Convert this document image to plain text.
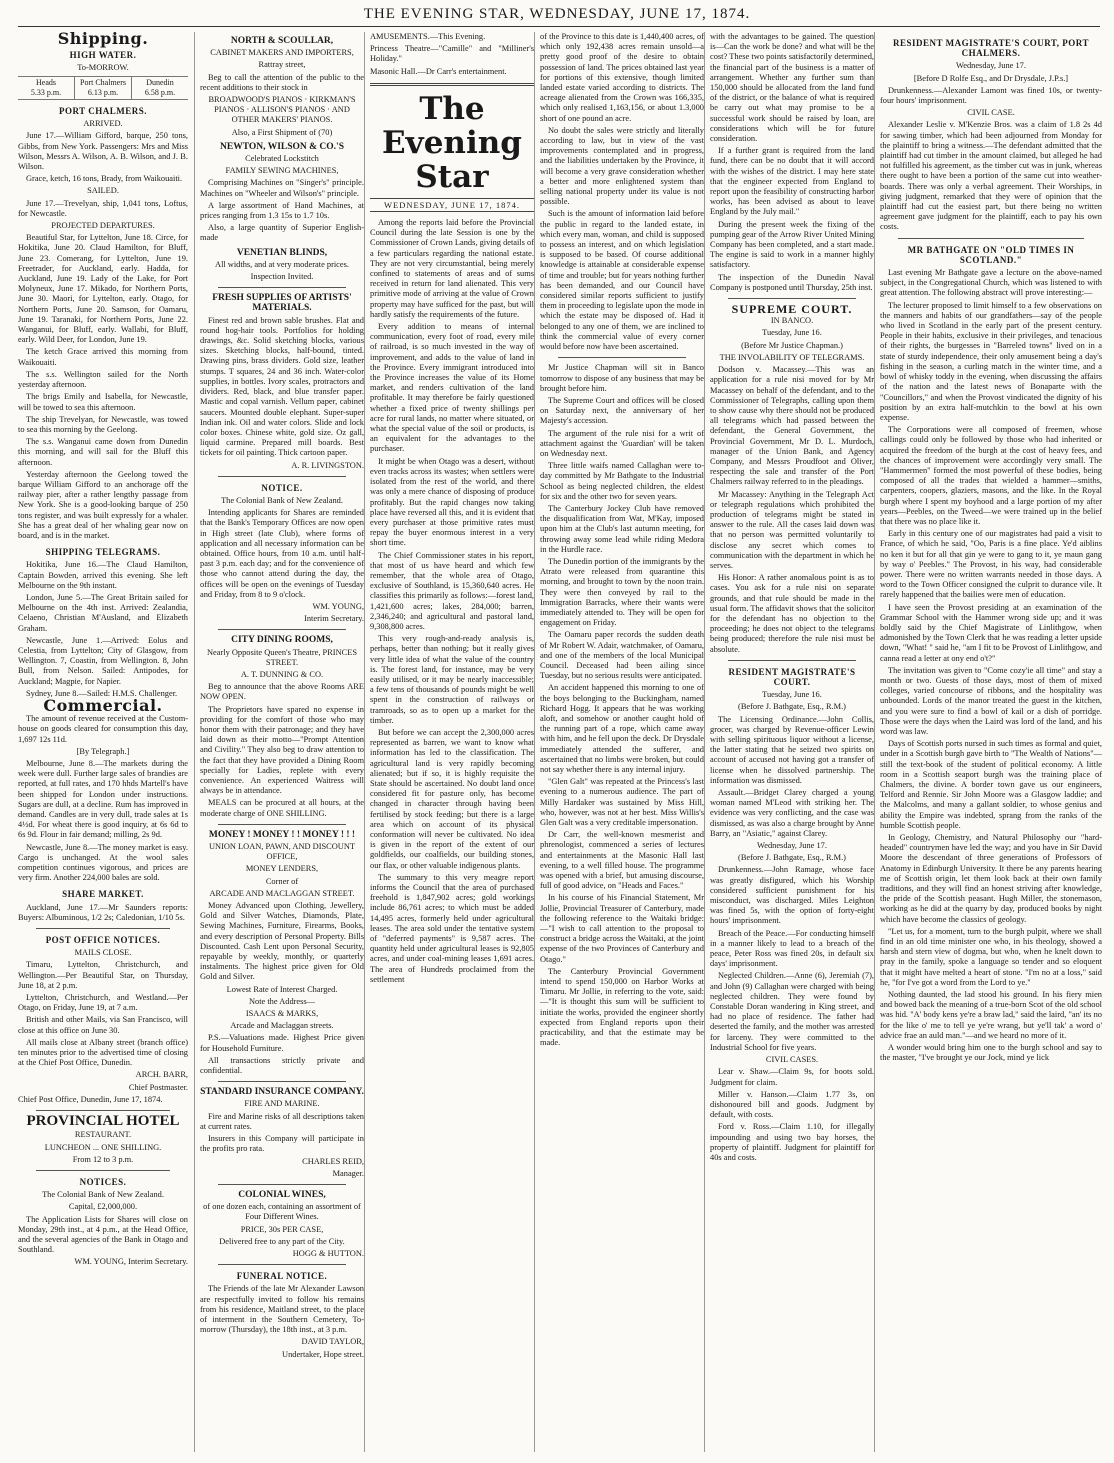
THE EVENING STAR, WEDNESDAY, JUNE 17, 1874.
Shipping.
HIGH WATER.

To-MORROW.

Heads
5.33 p.m.
Port Chalmers
6.13 p.m.
Dunedin
6.58 p.m.
PORT CHALMERS.

ARRIVED.

June 17.—William Gifford, barque, 250 tons, Gibbs, from New York. Passengers: Mrs and Miss Wilson, Messrs A. Wilson, A. B. Wilson, and J. B. Wilson.

Grace, ketch, 16 tons, Brady, from Waikouaiti.

SAILED.

June 17.—Trevelyan, ship, 1,041 tons, Loftus, for Newcastle.

PROJECTED DEPARTURES.

Beautiful Star, for Lyttelton, June 18. Circe, for Hokitika, June 20. Claud Hamilton, for Bluff, June 23. Comerang, for Lyttelton, June 19. Freetrader, for Auckland, early. Hadda, for Auckland, June 19. Lady of the Lake, for Port Molyneux, June 17. Mikado, for Northern Ports, June 30. Maori, for Lyttelton, early. Otago, for Northern Ports, June 20. Samson, for Oamaru, June 19. Taranaki, for Northern Ports, June 22. Wanganui, for Bluff, early. Wallabi, for Bluff, early. Wild Deer, for London, June 19.

The ketch Grace arrived this morning from Waikouaiti.

The s.s. Wellington sailed for the North yesterday afternoon.

The brigs Emily and Isabella, for Newcastle, will be towed to sea this afternoon.

The ship Trevelyan, for Newcastle, was towed to sea this morning by the Geelong.

The s.s. Wanganui came down from Dunedin this morning, and will sail for the Bluff this afternoon.

Yesterday afternoon the Geelong towed the barque William Gifford to an anchorage off the railway pier, after a rather lengthy passage from New York. She is a good-looking barque of 250 tons register, and was built expressly for a whaler. She has a great deal of her whaling gear now on board, and is in the market.

SHIPPING TELEGRAMS.

Hokitika, June 16.—The Claud Hamilton, Captain Bowden, arrived this evening. She left Melbourne on the 9th instant.

London, June 5.—The Great Britain sailed for Melbourne on the 4th inst. Arrived: Zealandia, Celaeno, Christian M'Ausland, and Elizabeth Graham.

Newcastle, June 1.—Arrived: Eolus and Celestia, from Lyttelton; City of Glasgow, from Wellington. 7, Coastin, from Wellington. 8, John Bull, from Nelson. Sailed: Antipodes, for Auckland; Magpie, for Napier.

Sydney, June 8.—Sailed: H.M.S. Challenger.

Commercial.

The amount of revenue received at the Custom-house on goods cleared for consumption this day, 1,697 12s 11d.

[By Telegraph.]

Melbourne, June 8.—The markets during the week were dull. Further large sales of brandies are reported, at full rates, and 170 hhds Martell's have been shipped for London under instructions. Sugars are dull, at a decline. Rum has improved in demand. Candles are in very dull, trade sales at 1s 4½d. For wheat there is good inquiry, at 6s 6d to 6s 9d. Flour in fair demand; milling, 2s 9d.

Newcastle, June 8.—The money market is easy. Cargo is unchanged. At the wool sales competition continues vigorous, and prices are very firm. Another 224,000 bales are sold.

SHARE MARKET.

Auckland, June 17.—Mr Saunders reports: Buyers: Albuminous, 1/2 2s; Caledonian, 1/10 5s.

POST OFFICE NOTICES.

MAILS CLOSE.

Timaru, Lyttelton, Christchurch, and Wellington.—Per Beautiful Star, on Thursday, June 18, at 2 p.m.

Lyttelton, Christchurch, and Westland.—Per Otago, on Friday, June 19, at 7 a.m.

British and other Mails, via San Francisco, will close at this office on June 30.

All mails close at Albany street (branch office) ten minutes prior to the advertised time of closing at the Chief Post Office, Dunedin.

ARCH. BARR,

Chief Postmaster.

Chief Post Office, Dunedin, June 17, 1874.

PROVINCIAL HOTEL

RESTAURANT.

LUNCHEON ... ONE SHILLING.

From 12 to 3 p.m.

NOTICES.

The Colonial Bank of New Zealand.

Capital, £2,000,000.

The Application Lists for Shares will close on Monday, 29th inst., at 4 p.m., at the Head Office, and the several agencies of the Bank in Otago and Southland.

WM. YOUNG, Interim Secretary.

NORTH & SCOULLAR,

CABINET MAKERS AND IMPORTERS,

Rattray street,

Beg to call the attention of the public to the recent additions to their stock in

BROADWOOD'S PIANOS · KIRKMAN'S PIANOS · ALLISON'S PIANOS · AND OTHER MAKERS' PIANOS.

Also, a First Shipment of (70)

NEWTON, WILSON & CO.'S

Celebrated Lockstitch

FAMILY SEWING MACHINES,

Comprising Machines on "Singer's" principle. Machines on "Wheeler and Wilson's" principle.

A large assortment of Hand Machines, at prices ranging from 1.3 15s to 1.7 10s.

Also, a large quantity of Superior English-made

VENETIAN BLINDS,

All widths, and at very moderate prices.

Inspection Invited.

FRESH SUPPLIES OF ARTISTS' MATERIALS.

Finest red and brown sable brushes. Flat and round hog-hair tools. Portfolios for holding drawings, &c. Solid sketching blocks, various sizes. Sketching blocks, half-bound, tinted. Drawing pins, brass dividers. Gold size, leather stumps. T squares, 24 and 36 inch. Water-color supplies, in bottles. Ivory scales, protractors and dividers. Red, black, and blue transfer paper. Mastic and copal varnish. Vellum paper, cabinet saucers. Mounted double elephant. Super-super Indian ink. Oil and water colors. Slide and lock color boxes. Chinese white, gold size. Oz gall, liquid carmine. Prepared mill boards. Best tickets for oil painting. Thick cartoon paper.

A. R. LIVINGSTON.

NOTICE.

The Colonial Bank of New Zealand.

Intending applicants for Shares are reminded that the Bank's Temporary Offices are now open in High street (late Club), where forms of application and all necessary information can be obtained. Office hours, from 10 a.m. until half-past 3 p.m. each day; and for the convenience of those who cannot attend during the day, the offices will be open on the evenings of Tuesday and Friday, from 8 to 9 o'clock.

WM. YOUNG,

Interim Secretary.

CITY DINING ROOMS,

Nearly Opposite Queen's Theatre, PRINCES STREET.

A. T. DUNNING & CO.

Beg to announce that the above Rooms ARE NOW OPEN.

The Proprietors have spared no expense in providing for the comfort of those who may honor them with their patronage; and they have laid down as their motto—"Prompt Attention and Civility." They also beg to draw attention to the fact that they have provided a Dining Room specially for Ladies, replete with every convenience. An experienced Waitress will always be in attendance.

MEALS can be procured at all hours, at the moderate charge of ONE SHILLING.

MONEY ! MONEY ! ! MONEY ! ! !

UNION LOAN, PAWN, AND DISCOUNT OFFICE,

MONEY LENDERS,

Corner of

ARCADE AND MACLAGGAN STREET.

Money Advanced upon Clothing, Jewellery, Gold and Silver Watches, Diamonds, Plate, Sewing Machines, Furniture, Firearms, Books, and every description of Personal Property. Bills Discounted. Cash Lent upon Personal Security, repayable by weekly, monthly, or quarterly instalments. The highest price given for Old Gold and Silver.

Lowest Rate of Interest Charged.

Note the Address—

ISAACS & MARKS,

Arcade and Maclaggan streets.

P.S.—Valuations made. Highest Price given for Household Furniture.

All transactions strictly private and confidential.

STANDARD INSURANCE COMPANY.

FIRE AND MARINE.

Fire and Marine risks of all descriptions taken at current rates.

Insurers in this Company will participate in the profits pro rata.

CHARLES REID,

Manager.

COLONIAL WINES,

of one dozen each, containing an assortment of Four Different Wines.

PRICE, 30s PER CASE,

Delivered free to any part of the City.

HOGG & HUTTON.

FUNERAL NOTICE.

The Friends of the late Mr Alexander Lawson are respectfully invited to follow his remains from his residence, Maitland street, to the place of interment in the Southern Cemetery, To-morrow (Thursday), the 18th inst., at 3 p.m.

DAVID TAYLOR,

Undertaker, Hope street.

AMUSEMENTS.—This Evening.

Princess Theatre—"Camille" and "Milliner's Holiday."

Masonic Hall.—Dr Carr's entertainment.

The Evening Star
WEDNESDAY, JUNE 17, 1874.

Among the reports laid before the Provincial Council during the late Session is one by the Commissioner of Crown Lands, giving details of a few particulars regarding the national estate. They are not very circumstantial, being merely confined to statements of areas and of sums received in return for land alienated. This very primitive mode of arriving at the value of Crown property may have sufficed for the past, but will hardly satisfy the requirements of the future.

Every addition to means of internal communication, every foot of road, every mile of railroad, is so much invested in the way of improvement, and adds to the value of land in the Province. Every immigrant introduced into the Province increases the value of its Home market, and renders cultivation of the land profitable. It may therefore be fairly questioned whether a fixed price of twenty shillings per acre for rural lands, no matter where situated, or what the special value of the soil or products, is an equivalent for the advantages to the purchaser.

It might be when Otago was a desert, without even tracks across its wastes; when settlers were isolated from the rest of the world, and there was only a mere chance of disposing of produce profitably. But the rapid changes now taking place have reversed all this, and it is evident that every purchaser at those primitive rates must repay the buyer enormous interest in a very short time.

The Chief Commissioner states in his report, that most of us have heard and which few remember, that the whole area of Otago, exclusive of Southland, is 15,360,640 acres. He classifies this primarily as follows:—forest land, 1,421,600 acres; lakes, 284,000; barren, 2,346,240; and agricultural and pastoral land, 9,308,800 acres.

This very rough-and-ready analysis is, perhaps, better than nothing; but it really gives very little idea of what the value of the country is. The forest land, for instance, may be very easily utilised, or it may be nearly inaccessible; a few tens of thousands of pounds might be well spent in the construction of railways or tramroads, so as to open up a market for the timber.

But before we can accept the 2,300,000 acres represented as barren, we want to know what information has led to the classification. The agricultural land is very rapidly becoming alienated; but if so, it is highly requisite the State should be ascertained. No doubt land once considered fit for pasture only, has become changed in character through having been fertilised by stock feeding; but there is a large area which on account of its physical conformation will never be cultivated. No idea is given in the report of the extent of our goldfields, our coalfields, our building stones, our flax, or other valuable indigenous plants.

The summary to this very meagre report informs the Council that the area of purchased freehold is 1,847,902 acres; gold workings include 86,761 acres; to which must be added 14,495 acres, formerly held under agricultural leases. The area sold under the tentative system of "deferred payments" is 9,587 acres. The quantity held under agricultural leases is 92,805 acres, and under coal-mining leases 1,691 acres. The area of Hundreds proclaimed from the settlement

of the Province to this date is 1,440,400 acres, of which only 192,438 acres remain unsold—a pretty good proof of the desire to obtain possession of land. The prices obtained last year for portions of this extensive, though limited landed estate varied according to districts. The acreage alienated from the Crown was 166,335, which only realised 1,163,156, or about 1.3,000 short of one pound an acre.

No doubt the sales were strictly and literally according to law, but in view of the vast improvements contemplated and in progress, and the liabilities undertaken by the Province, it will become a very grave consideration whether a better and more enlightened system than selling national property under its value is not possible.

Such is the amount of information laid before the public in regard to the landed estate, in which every man, woman, and child is supposed to possess an interest, and on which legislation is supposed to be based. Of course additional knowledge is attainable at considerable expense of time and trouble; but for years nothing further has been demanded, and our Council have considered similar reports sufficient to justify them in proceeding to legislate upon the mode in which the estate may be disposed of. Had it belonged to any one of them, we are inclined to think the commercial value of every corner would before now have been ascertained.

Mr Justice Chapman will sit in Banco tomorrow to dispose of any business that may be brought before him.

The Supreme Court and offices will be closed on Saturday next, the anniversary of her Majesty's accession.

The argument of the rule nisi for a writ of attachment against the 'Guardian' will be taken on Wednesday next.

Three little waifs named Callaghan were to-day committed by Mr Bathgate to the Industrial School as being neglected children, the eldest for six and the other two for seven years.

The Canterbury Jockey Club have removed the disqualification from Wat, M'Kay, imposed upon him at the Club's last autumn meeting, for throwing away some lead while riding Medora in the Hurdle race.

The Dunedin portion of the immigrants by the Atrato were released from quarantine this morning, and brought to town by the noon train. They were then conveyed by rail to the Immigration Barracks, where their wants were immediately attended to. They will be open for engagement on Friday.

The Oamaru paper records the sudden death of Mr Robert W. Adair, watchmaker, of Oamaru, and one of the members of the local Municipal Council. Deceased had been ailing since Tuesday, but no serious results were anticipated.

An accident happened this morning to one of the boys belonging to the Buckingham, named Richard Hogg. It appears that he was working aloft, and somehow or another caught hold of the running part of a rope, which came away with him, and he fell upon the deck. Dr Drysdale immediately attended the sufferer, and ascertained that no limbs were broken, but could not say whether there is any internal injury.

"Glen Galt" was repeated at the Princess's last evening to a numerous audience. The part of Milly Hardaker was sustained by Miss Hill, who, however, was not at her best. Miss Willis's Glen Galt was a very creditable impersonation.

Dr Carr, the well-known mesmerist and phrenologist, commenced a series of lectures and entertainments at the Masonic Hall last evening, to a well filled house. The programme was opened with a brief, but amusing discourse, full of good advice, on "Heads and Faces."

In his course of his Financial Statement, Mr Jollie, Provincial Treasurer of Canterbury, made the following reference to the Waitaki bridge:—"I wish to call attention to the proposal to construct a bridge across the Waitaki, at the joint expense of the two Provinces of Canterbury and Otago."

The Canterbury Provincial Government intend to spend 150,000 on Harbor Works at Timaru. Mr Jollie, in referring to the vote, said:—"It is thought this sum will be sufficient to initiate the works, provided the engineer shortly expected from England reports upon their practicability, and that the estimate may be made.

with the advantages to be gained. The question is—Can the work be done? and what will be the cost? These two points satisfactorily determined, the financial part of the business is a matter of arrangement. Whether any further sum than 150,000 should be allocated from the land fund of the district, or the balance of what is required be carry out what may promise to be a successful work should be raised by loan, are considerations which will be for future consideration.

If a further grant is required from the land fund, there can be no doubt that it will accord with the wishes of the district. I may here state that the engineer expected from England to report upon the feasibility of constructing harbor works, has been advised as about to leave England by the July mail."

During the present week the fixing of the pumping gear of the Arrow River United Mining Company has been completed, and a start made. The engine is said to work in a manner highly satisfactory.

The inspection of the Dunedin Naval Company is postponed until Thursday, 25th inst.

SUPREME COURT.

IN BANCO.

Tuesday, June 16.

(Before Mr Justice Chapman.)

THE INVOLABILITY OF TELEGRAMS.

Dodson v. Macassey.—This was an application for a rule nisi moved for by Mr Macassey on behalf of the defendant, and to the Commissioner of Telegraphs, calling upon them to show cause why there should not be produced all telegrams which had passed between the defendant, the General Government, the Provincial Government, Mr D. L. Murdoch, manager of the Union Bank, and Agency Company, and Messrs Proudfoot and Oliver, respecting the sale and transfer of the Port Chalmers railway referred to in the pleadings.

Mr Macassey: Anything in the Telegraph Act or telegraph regulations which prohibited the production of telegrams might be stated in answer to the rule. All the cases laid down was that no person was permitted voluntarily to disclose any secret which comes to communication with the department in which he serves.

His Honor: A rather anomalous point is as to cases. You ask for a rule nisi on separate grounds, and that rule should be made in the usual form. The affidavit shows that the solicitor for the defendant has no objection to the proceeding; he does not object to the telegrams being produced; therefore the rule nisi must be absolute.

RESIDENT MAGISTRATE'S COURT.

Tuesday, June 16.

(Before J. Bathgate, Esq., R.M.)

The Licensing Ordinance.—John Collis, grocer, was charged by Revenue-officer Lewin with selling spirituous liquor without a license, the latter stating that he seized two spirits on account of accused not having got a transfer of license when he dissolved partnership. The information was dismissed.

Assault.—Bridget Clarey charged a young woman named M'Leod with striking her. The evidence was very conflicting, and the case was dismissed, as was also a charge brought by Anne Barry, an "Asiatic," against Clarey.

Wednesday, June 17.

(Before J. Bathgate, Esq., R.M.)

Drunkenness.—John Ramage, whose face was greatly disfigured, which his Worship considered sufficient punishment for his misconduct, was discharged. Miles Leighton was fined 5s, with the option of forty-eight hours' imprisonment.

Breach of the Peace.—For conducting himself in a manner likely to lead to a breach of the peace, Peter Ross was fined 20s, in default six days' imprisonment.

Neglected Children.—Anne (6), Jeremiah (7), and John (9) Callaghan were charged with being neglected children. They were found by Constable Doran wandering in King street, and had no place of residence. The father had deserted the family, and the mother was arrested for larceny. They were committed to the Industrial School for five years.

CIVIL CASES.

Lear v. Shaw.—Claim 9s, for boots sold. Judgment for claim.

Miller v. Hanson.—Claim 1.77 3s, on dishonoured bill and goods. Judgment by default, with costs.

Ford v. Ross.—Claim 1.10, for illegally impounding and using two bay horses, the property of plaintiff. Judgment for plaintiff for 40s and costs.

RESIDENT MAGISTRATE'S COURT, PORT CHALMERS.

Wednesday, June 17.

[Before D Rolfe Esq., and Dr Drysdale, J.P.s.]

Drunkenness.—Alexander Lamont was fined 10s, or twenty-four hours' imprisonment.

CIVIL CASE.

Alexander Leslie v. M'Kenzie Bros. was a claim of 1.8 2s 4d for sawing timber, which had been adjourned from Monday for the plaintiff to bring a witness.—The defendant admitted that the plaintiff had cut timber in the amount claimed, but alleged he had not fulfilled his agreement, as the timber cut was in junk, whereas there ought to have been a portion of the same cut into weather-boards. There was only a verbal agreement. Their Worships, in giving judgment, remarked that they were of opinion that the plaintiff had cut the easiest part, but there being no written agreement gave judgment for the plaintiff, each to pay his own costs.

MR BATHGATE ON "OLD TIMES IN SCOTLAND."

Last evening Mr Bathgate gave a lecture on the above-named subject, in the Congregational Church, which was listened to with great attention. The following abstract will prove interesting:—

The lecturer proposed to limit himself to a few observations on the manners and habits of our grandfathers—say of the people who lived in Scotland in the early part of the present century. People in their habits, exclusive in their privileges, and tenacious of their rights, the burgesses in "Barreled towns" lived on in a state of sturdy independence, their only amusement being a day's fishing in the season, a curling match in the winter time, and a bowl of whisky toddy in the evening, when discussing the affairs of the nation and the latest news of Bonaparte with the "Councillors," and when the Provost vindicated the dignity of his position by an extra half-mutchkin to the bowl at his own expense.

The Corporations were all composed of freemen, whose callings could only be followed by those who had inherited or acquired the freedom of the burgh at the cost of heavy fees, and the chances of improvement were accordingly very small. The "Hammermen" formed the most powerful of these bodies, being composed of all the trades that wielded a hammer—smiths, carpenters, coopers, glaziers, masons, and the like. In the Royal burgh where I spent my boyhood and a large portion of my after years—Peebles, on the Tweed—we were trained up in the belief that there was no place like it.

Early in this century one of our magistrates had paid a visit to France, of which he said, "Oo, Paris is a fine place. Ye'd aiblins no ken it but for all that gin ye were to gang to it, ye maun gang by way o' Peebles." The Provost, in his way, had considerable power. There were no written warrants needed in those days. A word to the Town Officer consigned the culprit to durance vile. It rarely happened that the bailies were men of education.

I have seen the Provost presiding at an examination of the Grammar School with the Hammer wrong side up; and it was boldly said by the Chief Magistrate of Linlithgow, when admonished by the Town Clerk that he was reading a letter upside down, "What! " said he, "am I fit to be Provost of Linlithgow, and canna read a letter at ony end o't?"

The invitation was given to "Come cozy'ie all time" and stay a month or two. Guests of those days, most of them of mixed colleges, varied concourse of ribbons, and the hospitality was unbounded. Lords of the manor treated the guest in the kitchen, and you were sure to find a bowl of kail or a dish of porridge. Those were the days when the Laird was lord of the land, and his word was law.

Days of Scottish ports nursed in such times as formal and quiet, under in a Scottish burgh gave birth to "The Wealth of Nations"—still the text-book of the student of political economy. A little room in a Scottish seaport burgh was the training place of Chalmers, the divine. A border town gave us our engineers, Telford and Rennie. Sir John Moore was a Glasgow laddie; and the Malcolms, and many a gallant soldier, to whose genius and ability the Empire was indebted, sprang from the ranks of the humble Scottish people.

In Geology, Chemistry, and Natural Philosophy our "hard-headed" countrymen have led the way; and you have in Sir David Moore the descendant of three generations of Professors of Anatomy in Edinburgh University. It there be any parents hearing me of Scottish origin, let them look back at their own family traditions, and they will find an honest striving after knowledge, the pride of the Scottish peasant. Hugh Miller, the stonemason, working as he did at the quarry by day, produced books by night which have become the classics of geology.

"Let us, for a moment, turn to the burgh pulpit, where we shall find in an old time minister one who, in his theology, showed a harsh and stern view of dogma, but who, when he knelt down to pray in the family, spoke a language so tender and so eloquent that it might have melted a heart of stone. "I'm no at a loss," said he, "for I've got a word from the Lord to ye."

Nothing daunted, the lad stood his ground. In his fiery mien and bowed back the meaning of a true-born Scot of the old school was hid. "A' body kens ye're a braw lad," said the laird, "an' its no for the like o' me to tell ye ye're wrang, but ye'll tak' a word o' advice frae an auld man."—and we heard no more of it.

A wonder would bring him one to the burgh school and say to the master, "I've brought ye our Jock, mind ye lick
